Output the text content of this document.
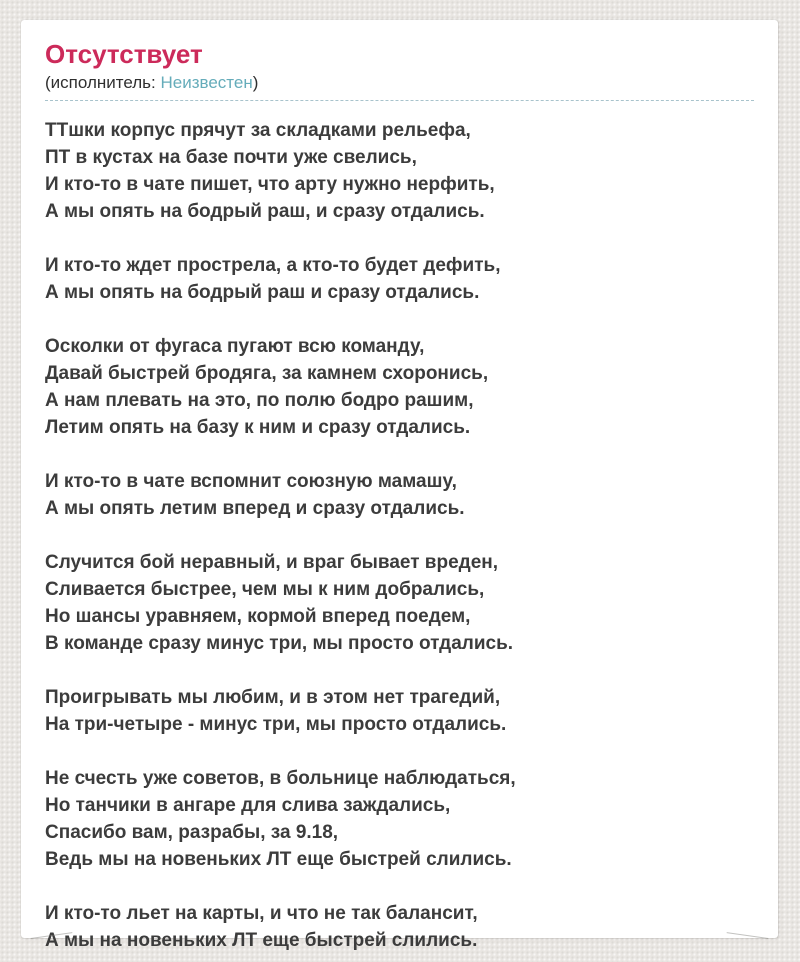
Отсутствует
(исполнитель: Неизвестен)

ТТшки корпус прячут за складками рельефа,
ПТ в кустах на базе почти уже свелись,
И кто-то в чате пишет, что арту нужно нерфить,
А мы опять на бодрый раш, и сразу отдались.

И кто-то ждет прострела, а кто-то будет дефить,
А мы опять на бодрый раш и сразу отдались.

Осколки от фугаса пугают всю команду,
Давай быстрей бродяга, за камнем схоронись,
А нам плевать на это, по полю бодро рашим,
Летим опять на базу к ним и сразу отдались.

И кто-то в чате вспомнит союзную мамашу,
А мы опять летим вперед и сразу отдались.

Случится бой неравный, и враг бывает вреден,
Сливается быстрее, чем мы к ним добрались,
Но шансы уравняем, кормой вперед поедем,
В команде сразу минус три, мы просто отдались.

Проигрывать мы любим, и в этом нет трагедий,
На три-четыре - минус три, мы просто отдались.

Не счесть уже советов, в больнице наблюдаться,
Но танчики в ангаре для слива заждались,
Спасибо вам, разрабы, за 9.18,
Ведь мы на новеньких ЛТ еще быстрей слились.

И кто-то льет на карты, и что не так балансит,
А мы на новеньких ЛТ еще быстрей слились.
